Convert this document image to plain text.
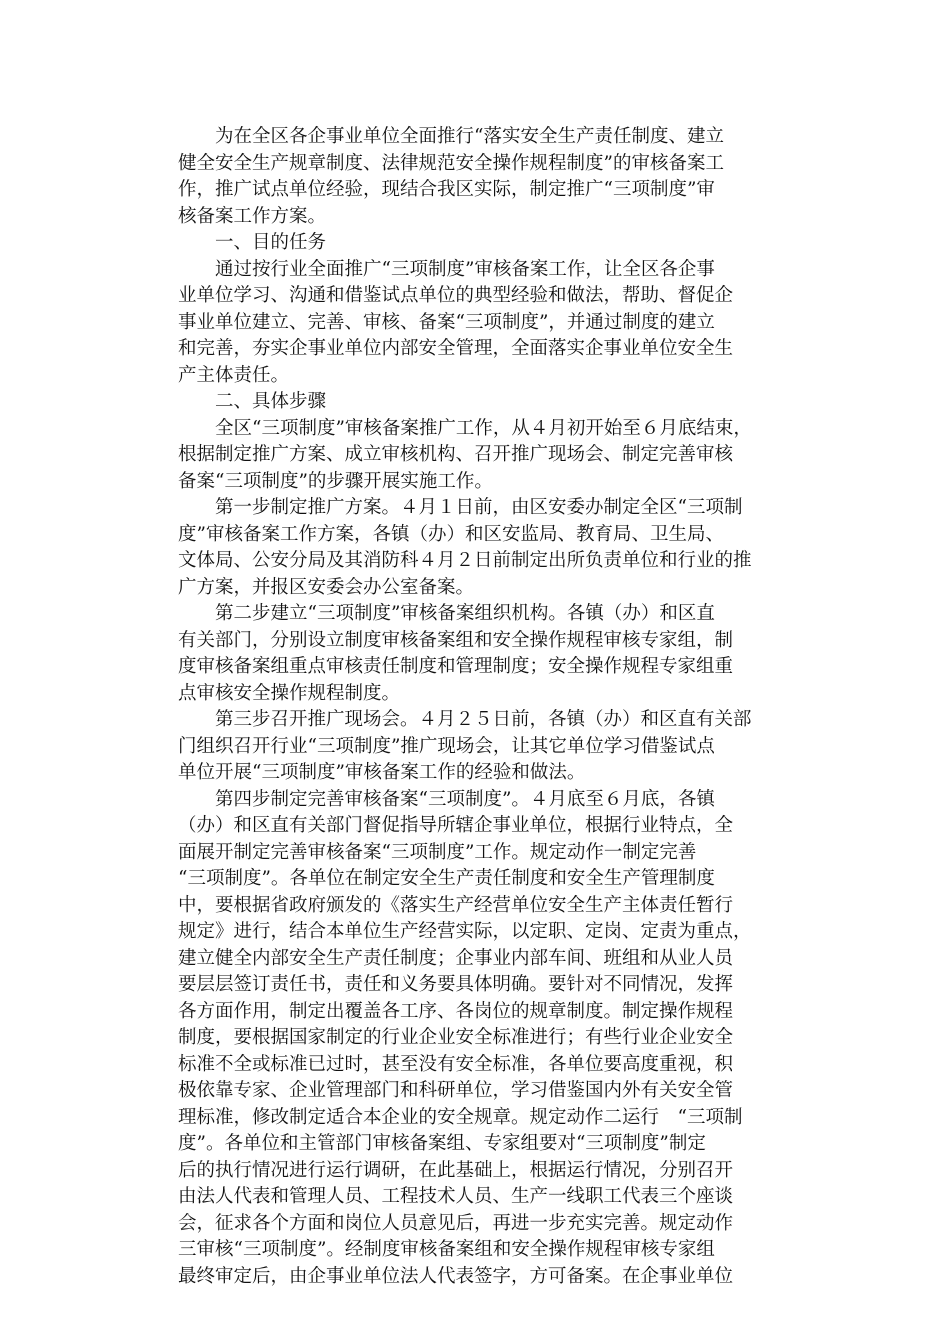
　　为在全区各企事业单位全面推行“落实安全生产责任制度、建立
健全安全生产规章制度、法律规范安全操作规程制度”的审核备案工
作，推广试点单位经验，现结合我区实际，制定推广“三项制度”审
核备案工作方案。
　　一、目的任务
　　通过按行业全面推广“三项制度”审核备案工作，让全区各企事
业单位学习、沟通和借鉴试点单位的典型经验和做法，帮助、督促企
事业单位建立、完善、审核、备案“三项制度”，并通过制度的建立
和完善，夯实企事业单位内部安全管理，全面落实企事业单位安全生
产主体责任。
　　二、具体步骤
　　全区“三项制度”审核备案推广工作，从４月初开始至６月底结束，
根据制定推广方案、成立审核机构、召开推广现场会、制定完善审核
备案“三项制度”的步骤开展实施工作。
　　第一步制定推广方案。４月１日前，由区安委办制定全区“三项制
度”审核备案工作方案，各镇（办）和区安监局、教育局、卫生局、
文体局、公安分局及其消防科４月２日前制定出所负责单位和行业的推
广方案，并报区安委会办公室备案。
　　第二步建立“三项制度”审核备案组织机构。各镇（办）和区直
有关部门，分别设立制度审核备案组和安全操作规程审核专家组，制
度审核备案组重点审核责任制度和管理制度；安全操作规程专家组重
点审核安全操作规程制度。
　　第三步召开推广现场会。４月２５日前，各镇（办）和区直有关部
门组织召开行业“三项制度”推广现场会，让其它单位学习借鉴试点
单位开展“三项制度”审核备案工作的经验和做法。
　　第四步制定完善审核备案“三项制度”。４月底至６月底，各镇
（办）和区直有关部门督促指导所辖企事业单位，根据行业特点，全
面展开制定完善审核备案“三项制度”工作。规定动作一制定完善
“三项制度”。各单位在制定安全生产责任制度和安全生产管理制度
中，要根据省政府颁发的《落实生产经营单位安全生产主体责任暂行
规定》进行，结合本单位生产经营实际，以定职、定岗、定责为重点，
建立健全内部安全生产责任制度；企事业内部车间、班组和从业人员
要层层签订责任书，责任和义务要具体明确。要针对不同情况，发挥
各方面作用，制定出覆盖各工序、各岗位的规章制度。制定操作规程
制度，要根据国家制定的行业企业安全标准进行；有些行业企业安全
标准不全或标准已过时，甚至没有安全标准，各单位要高度重视，积
极依靠专家、企业管理部门和科研单位，学习借鉴国内外有关安全管
理标准，修改制定适合本企业的安全规章。规定动作二运行　“三项制
度”。各单位和主管部门审核备案组、专家组要对“三项制度”制定
后的执行情况进行运行调研，在此基础上，根据运行情况，分别召开
由法人代表和管理人员、工程技术人员、生产一线职工代表三个座谈
会，征求各个方面和岗位人员意见后，再进一步充实完善。规定动作
三审核“三项制度”。经制度审核备案组和安全操作规程审核专家组
最终审定后，由企事业单位法人代表签字，方可备案。在企事业单位
